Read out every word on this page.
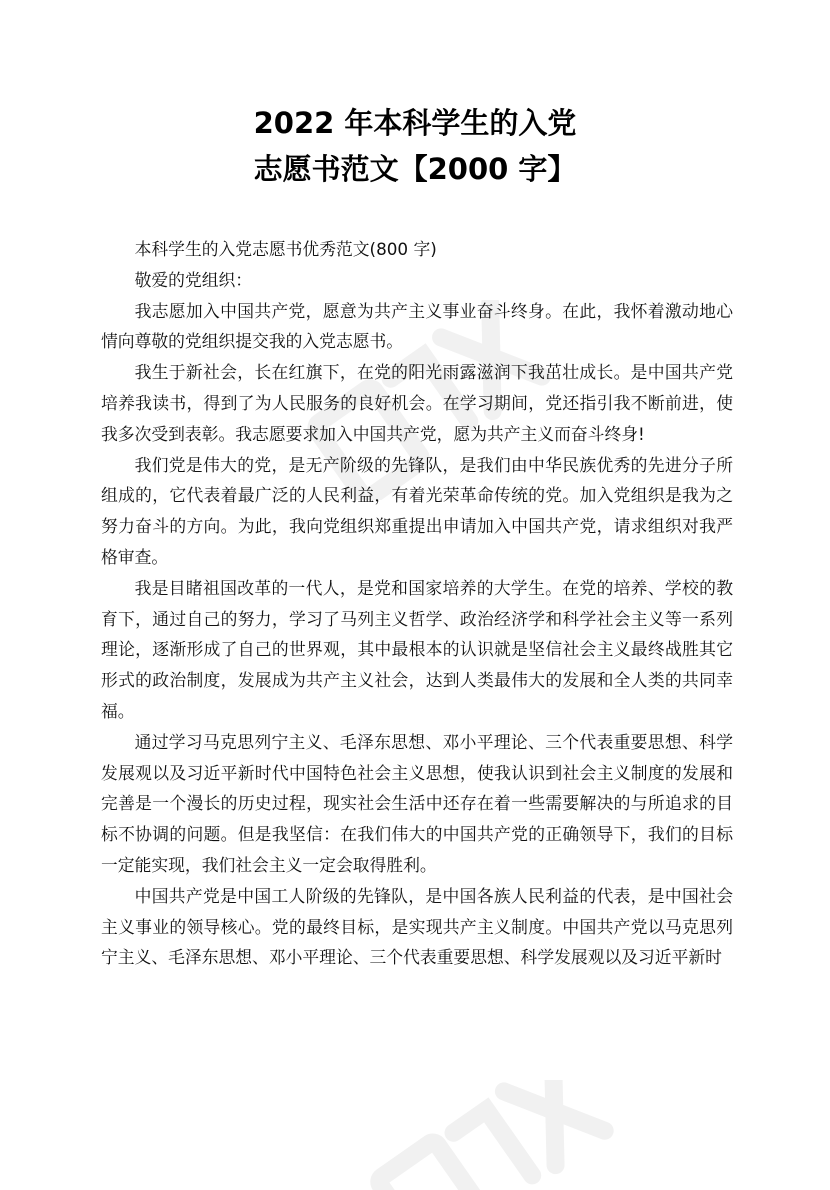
2022 年本科学生的入党
志愿书范文【2000 字】

本科学生的入党志愿书优秀范文(800 字)

敬爱的党组织：

我志愿加入中国共产党，愿意为共产主义事业奋斗终身。在此，我怀着激动地心情向尊敬的党组织提交我的入党志愿书。

我生于新社会，长在红旗下，在党的阳光雨露滋润下我茁壮成长。是中国共产党培养我读书，得到了为人民服务的良好机会。在学习期间，党还指引我不断前进，使我多次受到表彰。我志愿要求加入中国共产党，愿为共产主义而奋斗终身!

我们党是伟大的党，是无产阶级的先锋队，是我们由中华民族优秀的先进分子所组成的，它代表着最广泛的人民利益，有着光荣革命传统的党。加入党组织是我为之努力奋斗的方向。为此，我向党组织郑重提出申请加入中国共产党，请求组织对我严格审查。

我是目睹祖国改革的一代人，是党和国家培养的大学生。在党的培养、学校的教育下，通过自己的努力，学习了马列主义哲学、政治经济学和科学社会主义等一系列理论，逐渐形成了自己的世界观，其中最根本的认识就是坚信社会主义最终战胜其它形式的政治制度，发展成为共产主义社会，达到人类最伟大的发展和全人类的共同幸福。

通过学习马克思列宁主义、毛泽东思想、邓小平理论、三个代表重要思想、科学发展观以及习近平新时代中国特色社会主义思想，使我认识到社会主义制度的发展和完善是一个漫长的历史过程，现实社会生活中还存在着一些需要解决的与所追求的目标不协调的问题。但是我坚信：在我们伟大的中国共产党的正确领导下，我们的目标一定能实现，我们社会主义一定会取得胜利。

中国共产党是中国工人阶级的先锋队，是中国各族人民利益的代表，是中国社会主义事业的领导核心。党的最终目标，是实现共产主义制度。中国共产党以马克思列宁主义、毛泽东思想、邓小平理论、三个代表重要思想、科学发展观以及习近平新时
